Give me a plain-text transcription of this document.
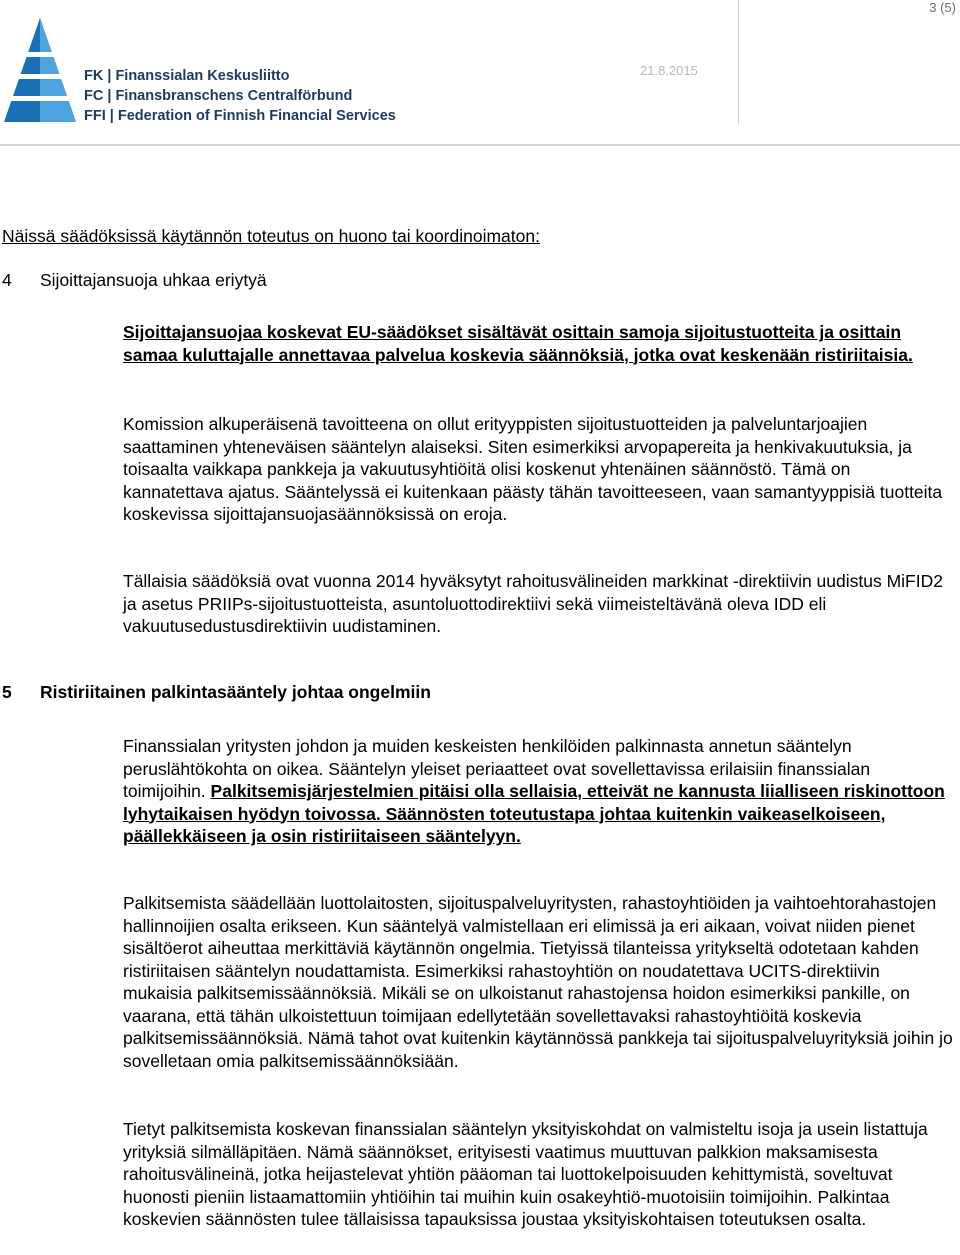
3 (5)
FK | Finanssialan Keskusliitto
FC | Finansbranschens Centralförbund
FFI | Federation of Finnish Financial Services
21.8.2015
Näissä säädöksissä käytännön toteutus on huono tai koordinoimaton:
4 Sijoittajansuoja uhkaa eriytyä
Sijoittajansuojaa koskevat EU-säädökset sisältävät osittain samoja sijoitustuotteita ja osittain samaa kuluttajalle annettavaa palvelua koskevia säännöksiä, jotka ovat keskenään ristiriitaisia.
Komission alkuperäisenä tavoitteena on ollut erityyppisten sijoitustuotteiden ja palveluntarjoajien saattaminen yhteneväisen sääntelyn alaiseksi. Siten esimerkiksi arvopapereita ja henkivakuutuksia, ja toisaalta vaikkapa pankkeja ja vakuutusyhtiöitä olisi koskenut yhtenäinen säännöstö. Tämä on kannatettava ajatus. Sääntelyssä ei kuitenkaan päästy tähän tavoitteeseen, vaan samantyyppisiä tuotteita koskevissa sijoittajansuojasäännöksissä on eroja.
Tällaisia säädöksiä ovat vuonna 2014 hyväksytyt rahoitusvälineiden markkinat -direktiivin uudistus MiFID2 ja asetus PRIIPs-sijoitustuotteista, asuntoluottodirektiivi sekä viimeisteltävänä oleva IDD eli vakuutusedustusdirektiivin uudistaminen.
5 Ristiriitainen palkintasääntely johtaa ongelmiin
Finanssialan yritysten johdon ja muiden keskeisten henkilöiden palkinnasta annetun sääntelyn peruslähtökohta on oikea. Sääntelyn yleiset periaatteet ovat sovellettavissa erilaisiin finanssialan toimijoihin. Palkitsemisjärjestelmien pitäisi olla sellaisia, etteivät ne kannusta liialliseen riskinottoon lyhytaikaisen hyödyn toivossa. Säännösten toteutustapa johtaa kuitenkin vaikeaselkoiseen, päällekkäiseen ja osin ristiriitaiseen sääntelyyn.
Palkitsemista säädellään luottolaitosten, sijoituspalveluyritysten, rahastoyhtiöiden ja vaihtoehtorahastojen hallinnoijien osalta erikseen. Kun sääntelyä valmistellaan eri elimissä ja eri aikaan, voivat niiden pienet sisältöerot aiheuttaa merkittäviä käytännön ongelmia. Tietyissä tilanteissa yritykseltä odotetaan kahden ristiriitaisen sääntelyn noudattamista. Esimerkiksi rahastoyhtiön on noudatettava UCITS-direktiivin mukaisia palkitsemissäännöksiä. Mikäli se on ulkoistanut rahastojensa hoidon esimerkiksi pankille, on vaarana, että tähän ulkoistettuun toimijaan edellytetään sovellettavaksi rahastoyhtiöitä koskevia palkitsemissäännöksiä. Nämä tahot ovat kuitenkin käytännössä pankkeja tai sijoituspalveluyrityksiä joihin jo sovelletaan omia palkitsemissäännöksiään.
Tietyt palkitsemista koskevan finanssialan sääntelyn yksityiskohdat on valmisteltu isoja ja usein listattuja yrityksiä silmälläpitäen. Nämä säännökset, erityisesti vaatimus muuttuvan palkkion maksamisesta rahoitusvälineinä, jotka heijastelevat yhtiön pääoman tai luottokelpoisuuden kehittymistä, soveltuvat huonosti pieniin listaamattomiin yhtiöihin tai muihin kuin osakeyhtiö-muotoisiin toimijoihin. Palkintaa koskevien säännösten tulee tällaisissa tapauksissa joustaa yksityiskohtaisen toteutuksen osalta.
